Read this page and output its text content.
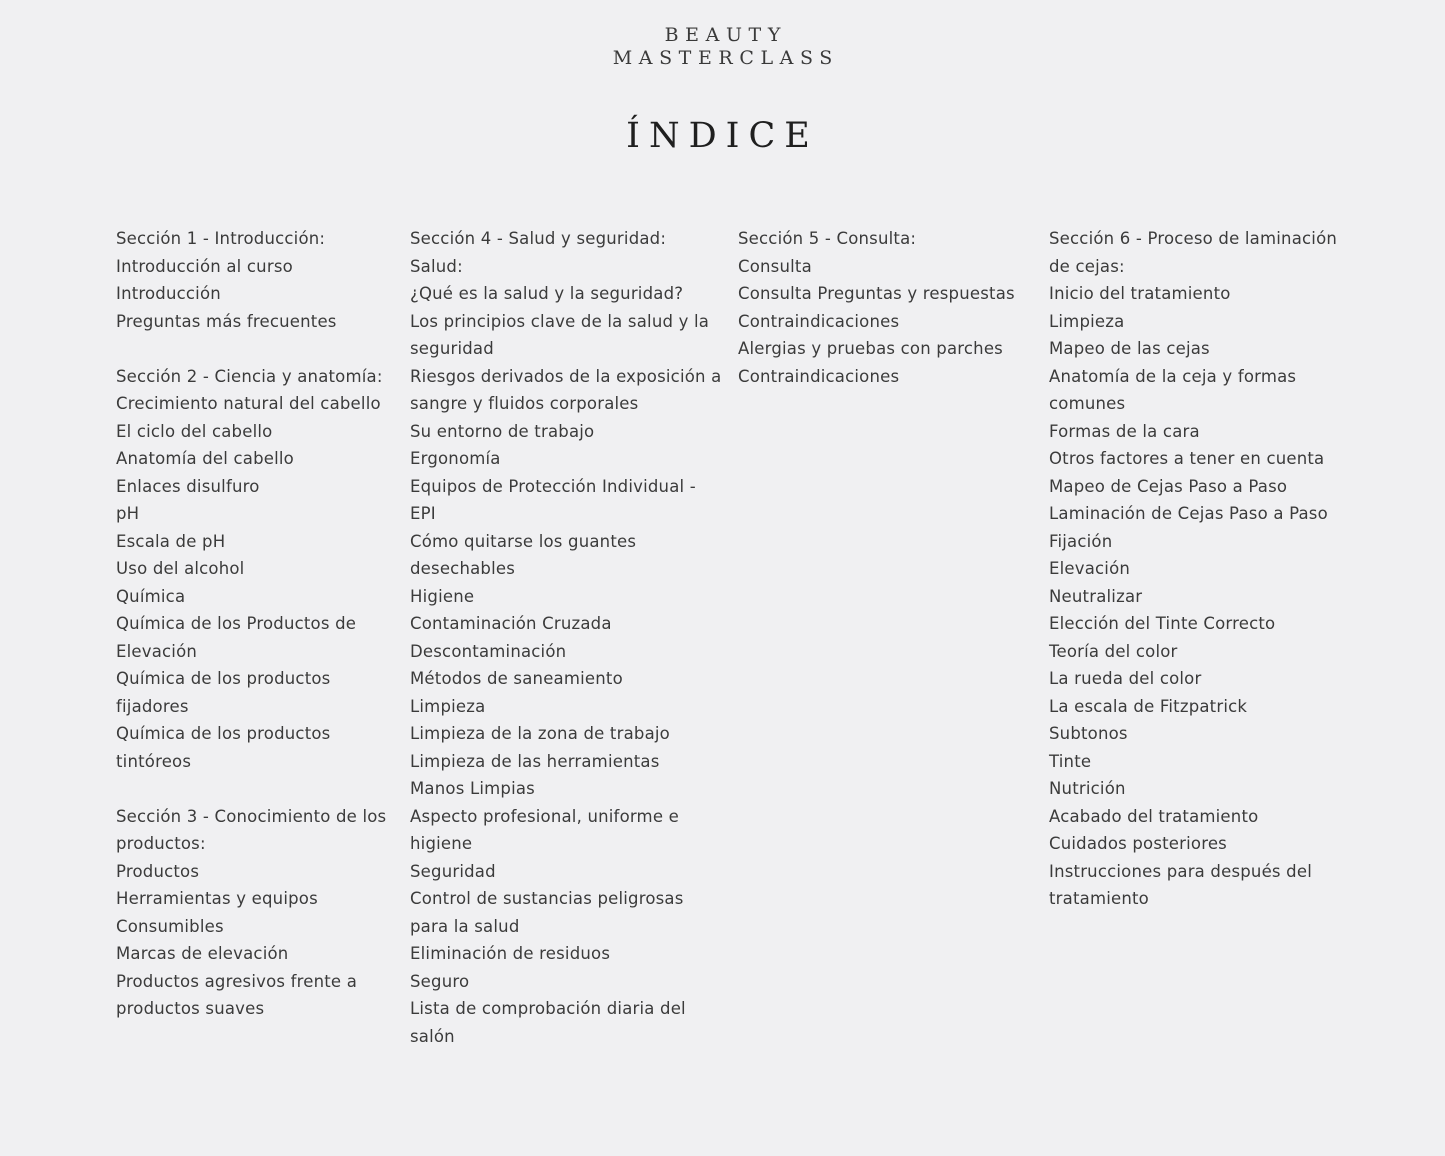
BEAUTY
MASTERCLASS
ÍNDICE
Sección 1 - Introducción:
Introducción al curso
Introducción
Preguntas más frecuentes
Sección 2 - Ciencia y anatomía:
Crecimiento natural del cabello
El ciclo del cabello
Anatomía del cabello
Enlaces disulfuro
pH
Escala de pH
Uso del alcohol
Química
Química de los Productos de Elevación
Química de los productos fijadores
Química de los productos tintóreos
Sección 3 - Conocimiento de los productos:
Productos
Herramientas y equipos
Consumibles
Marcas de elevación
Productos agresivos frente a productos suaves
Sección 4 - Salud y seguridad:
Salud:
¿Qué es la salud y la seguridad?
Los principios clave de la salud y la seguridad
Riesgos derivados de la exposición a sangre y fluidos corporales
Su entorno de trabajo
Ergonomía
Equipos de Protección Individual - EPI
Cómo quitarse los guantes desechables
Higiene
Contaminación Cruzada
Descontaminación
Métodos de saneamiento
Limpieza
Limpieza de la zona de trabajo
Limpieza de las herramientas
Manos Limpias
Aspecto profesional, uniforme e higiene
Seguridad
Control de sustancias peligrosas para la salud
Eliminación de residuos
Seguro
Lista de comprobación diaria del salón
Sección 5 - Consulta:
Consulta
Consulta Preguntas y respuestas
Contraindicaciones
Alergias y pruebas con parches
Contraindicaciones
Sección 6 - Proceso de laminación de cejas:
Inicio del tratamiento
Limpieza
Mapeo de las cejas
Anatomía de la ceja y formas comunes
Formas de la cara
Otros factores a tener en cuenta
Mapeo de Cejas Paso a Paso
Laminación de Cejas Paso a Paso
Fijación
Elevación
Neutralizar
Elección del Tinte Correcto
Teoría del color
La rueda del color
La escala de Fitzpatrick
Subtonos
Tinte
Nutrición
Acabado del tratamiento
Cuidados posteriores
Instrucciones para después del tratamiento
